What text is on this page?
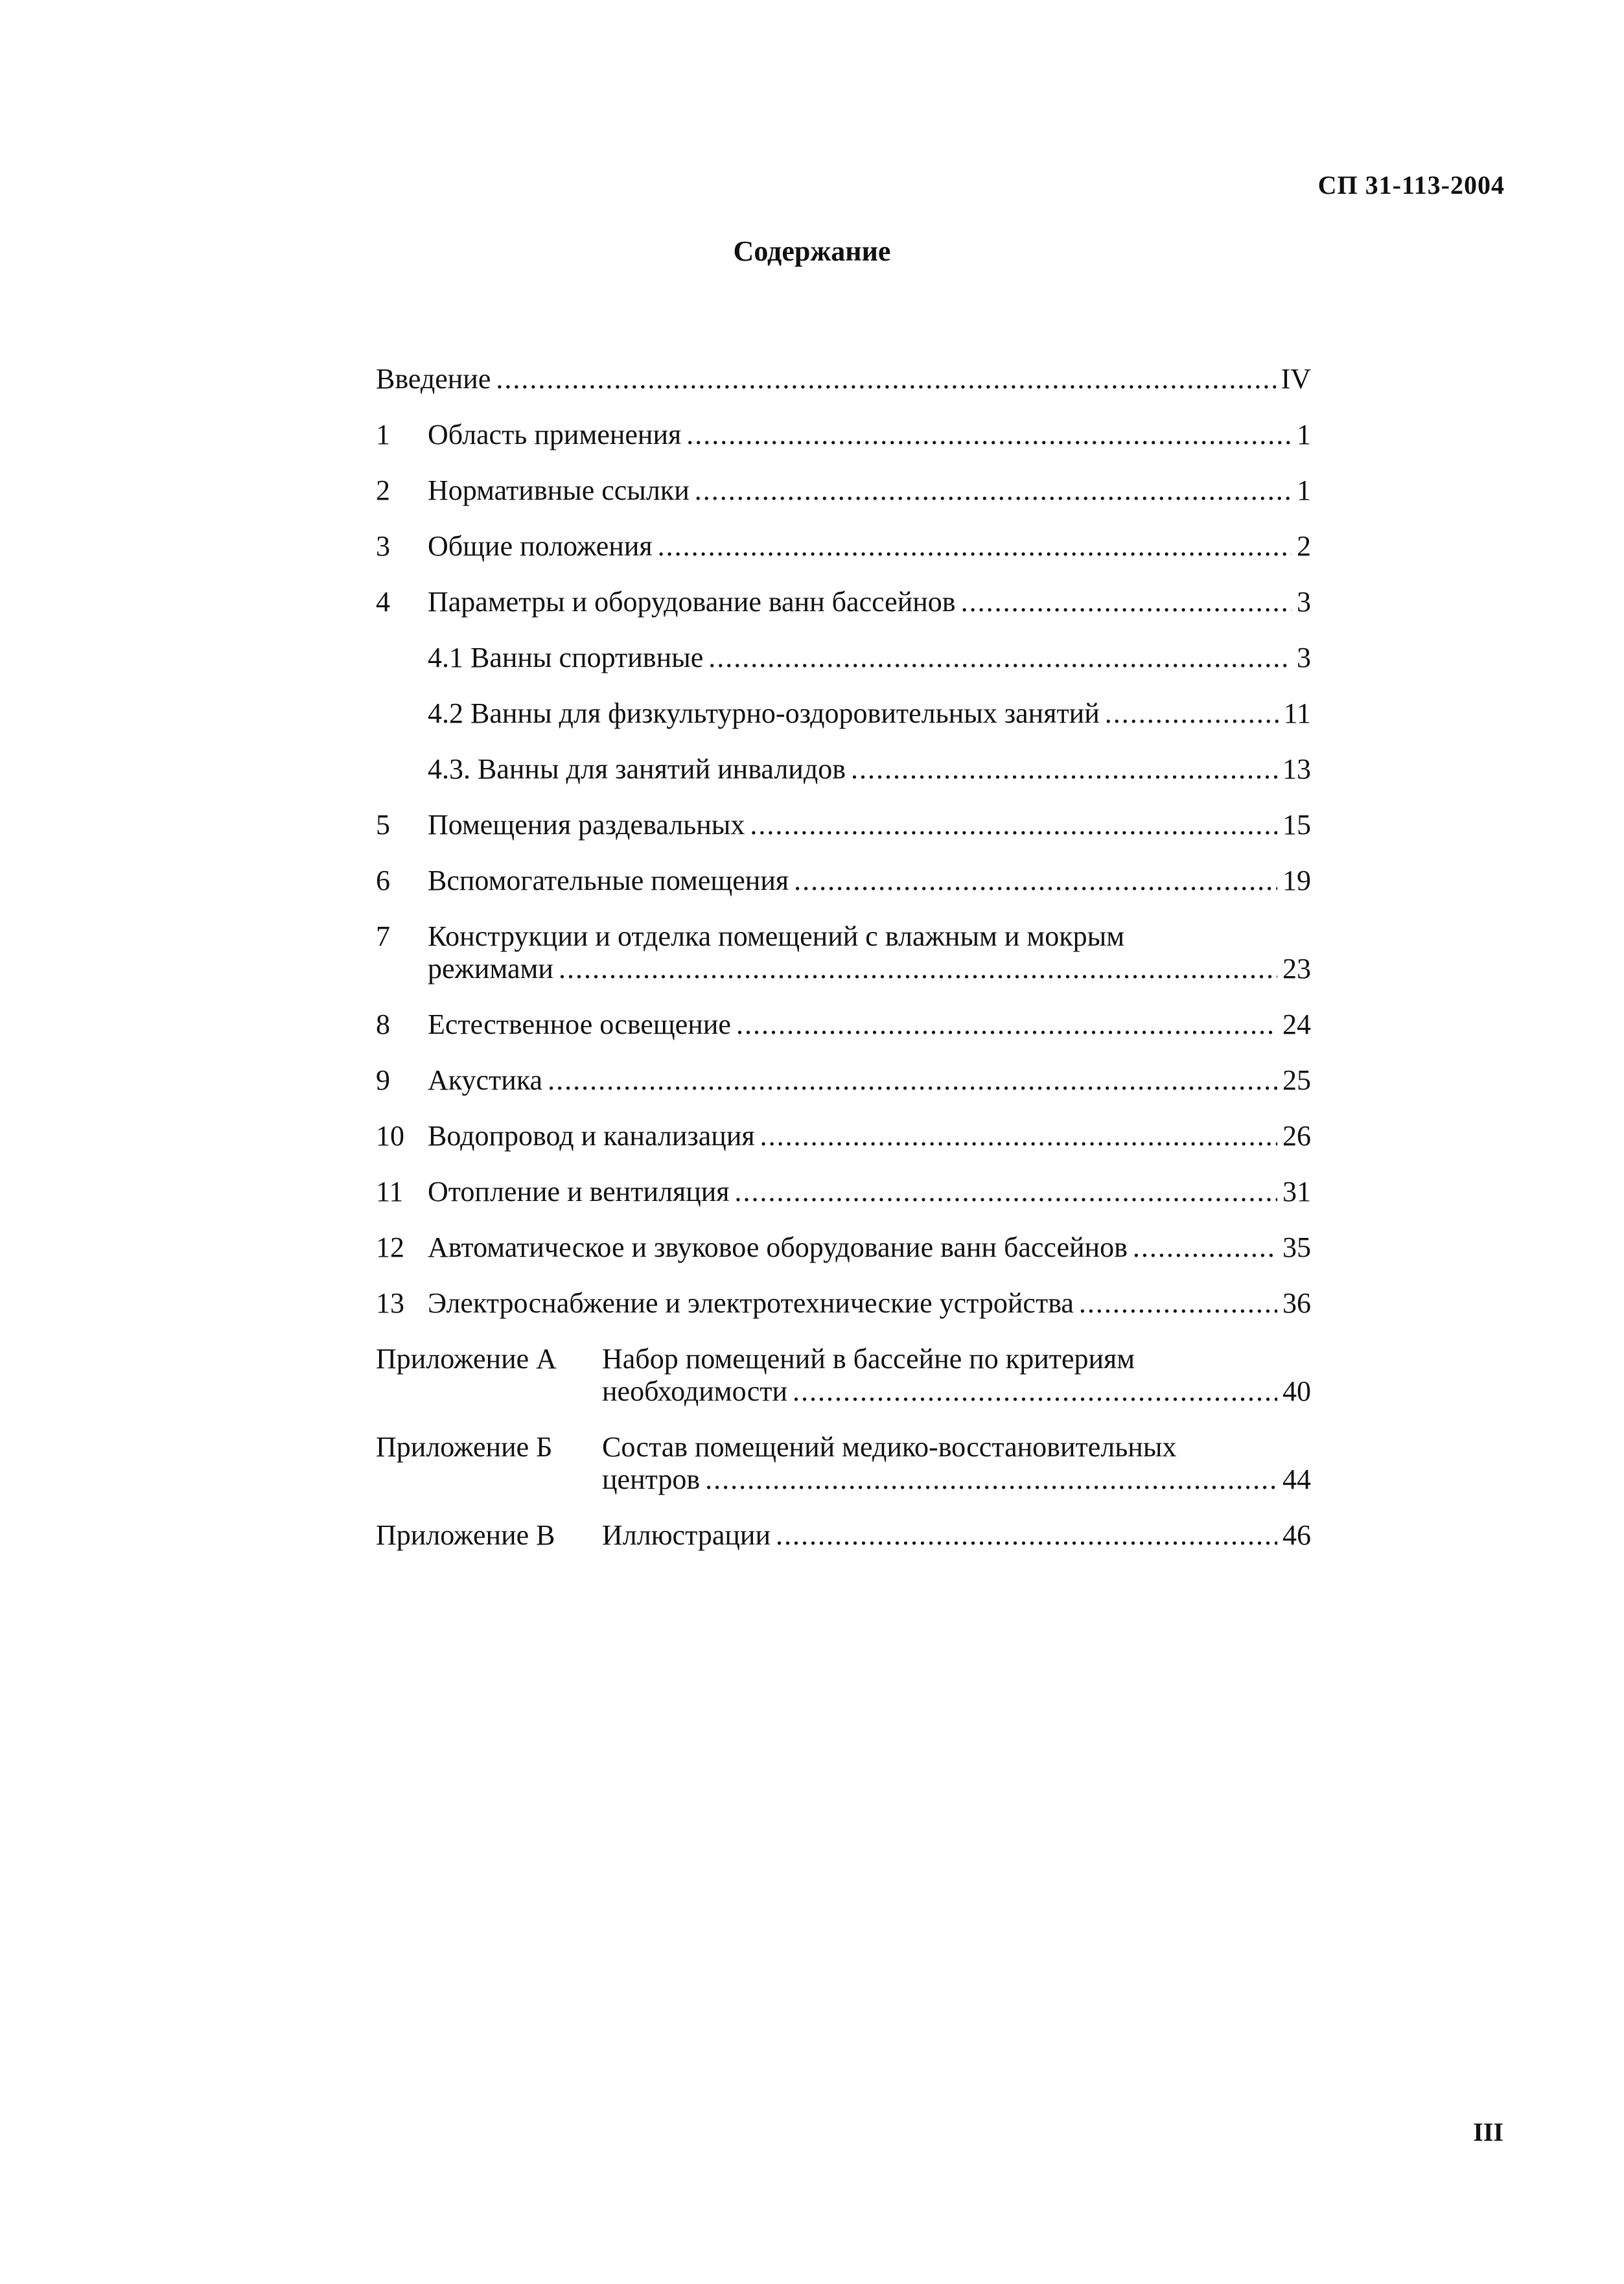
СП 31-113-2004
Содержание
Введение .....	IV
1 Область применения .....	1
2 Нормативные ссылки .....	1
3 Общие положения .....	2
4 Параметры и оборудование ванн бассейнов .....	3
4.1 Ванны спортивные .....	3
4.2 Ванны для физкультурно-оздоровительных занятий .....	11
4.3. Ванны для занятий инвалидов .....	13
5 Помещения раздевальных .....	15
6 Вспомогательные помещения .....	19
7 Конструкции и отделка помещений с влажным и мокрым
режимами .....	23
8 Естественное освещение .....	24
9 Акустика .....	25
10 Водопровод и канализация .....	26
11 Отопление и вентиляция .....	31
12 Автоматическое и звуковое оборудование ванн бассейнов .....	35
13 Электроснабжение и электротехнические устройства .....	36
Приложение А Набор помещений в бассейне по критериям
необходимости .....	40
Приложение Б Состав помещений медико-восстановительных
центров .....	44
Приложение В Иллюстрации .....	46
III
